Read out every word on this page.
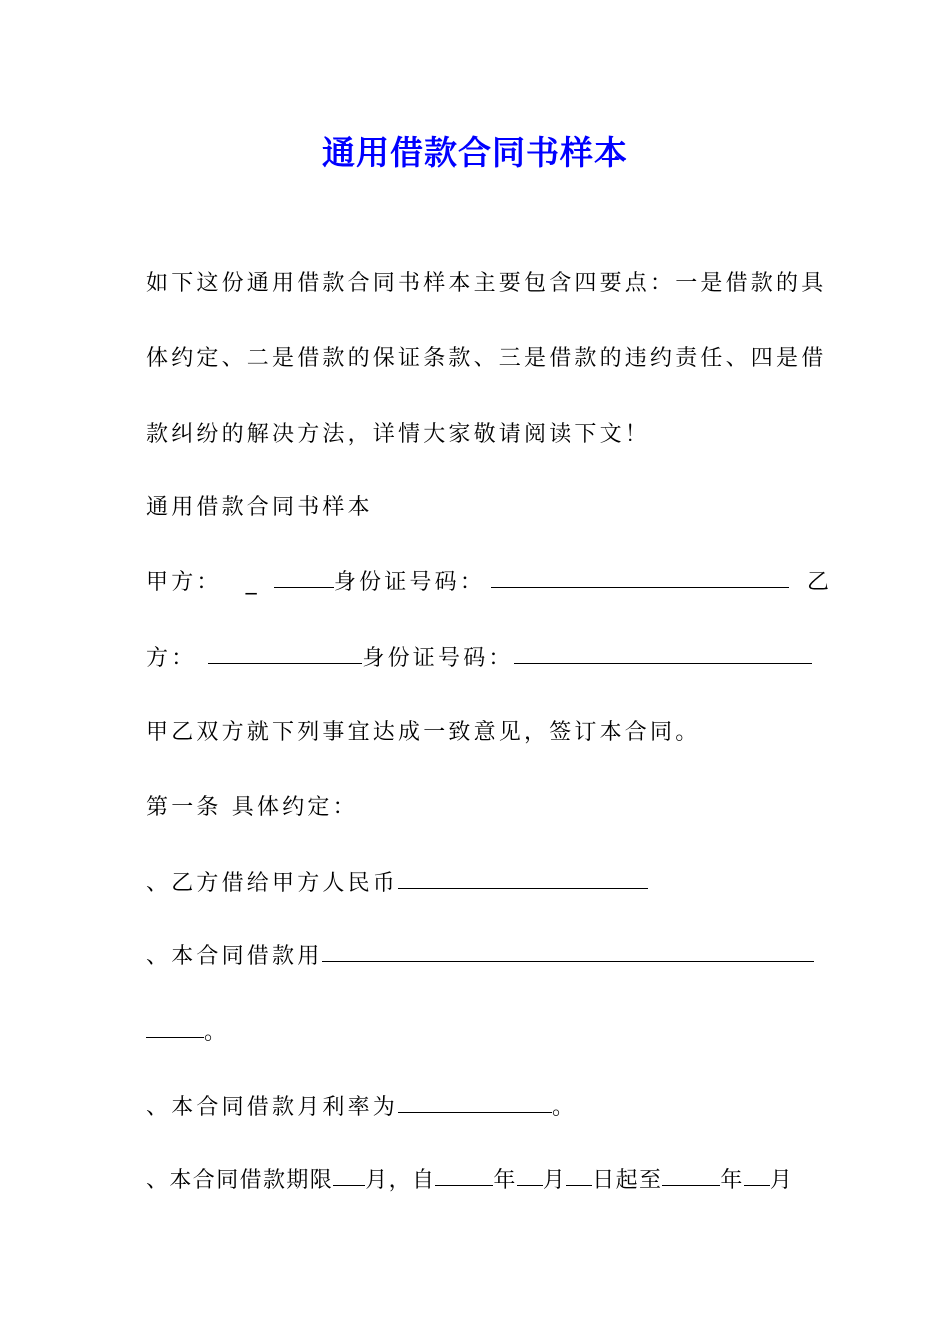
通用借款合同书样本
如下这份通用借款合同书样本主要包含四要点：一是借款的具
体约定、二是借款的保证条款、三是借款的违约责任、四是借
款纠纷的解决方法，详情大家敬请阅读下文！
通用借款合同书样本
甲方： _	身份证号码：	乙
方：	身份证号码：
甲乙双方就下列事宜达成一致意见，签订本合同。
第一条 具体约定：
、乙方借给甲方人民币
、本合同借款用
。
、本合同借款月利率为	。
、本合同借款期限 月，自	年 月 日起至	年 月
